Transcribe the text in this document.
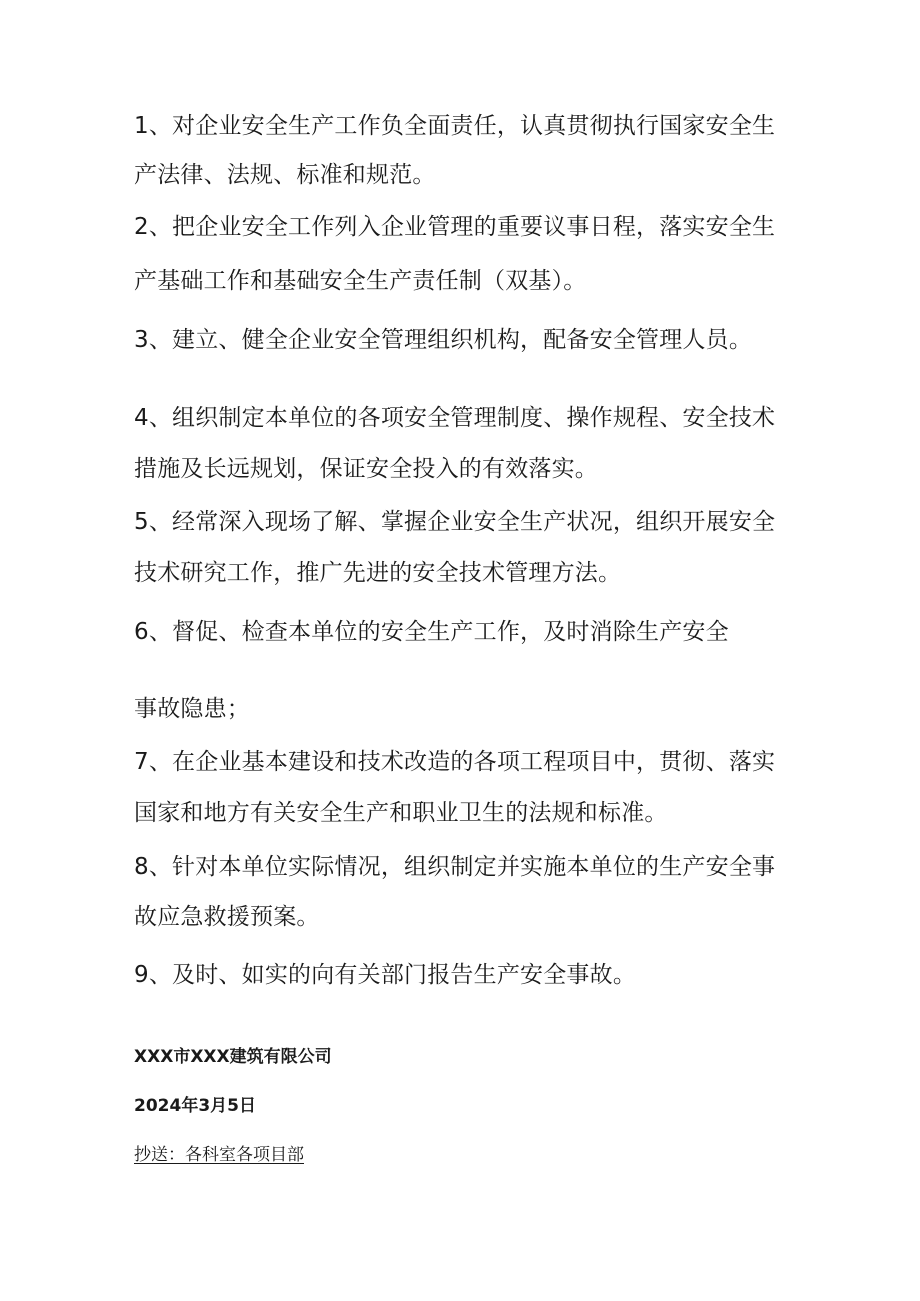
1、对企业安全生产工作负全面责任，认真贯彻执行国家安全生
产法律、法规、标准和规范。
2、把企业安全工作列入企业管理的重要议事日程，落实安全生
产基础工作和基础安全生产责任制（双基）。
3、建立、健全企业安全管理组织机构，配备安全管理人员。
4、组织制定本单位的各项安全管理制度、操作规程、安全技术
措施及长远规划，保证安全投入的有效落实。
5、经常深入现场了解、掌握企业安全生产状况，组织开展安全
技术研究工作，推广先进的安全技术管理方法。
6、督促、检查本单位的安全生产工作，及时消除生产安全
事故隐患；
7、在企业基本建设和技术改造的各项工程项目中，贯彻、落实
国家和地方有关安全生产和职业卫生的法规和标准。
8、针对本单位实际情况，组织制定并实施本单位的生产安全事
故应急救援预案。
9、及时、如实的向有关部门报告生产安全事故。
XXX市XXX建筑有限公司
2024年3月5日
抄送：各科室各项目部
